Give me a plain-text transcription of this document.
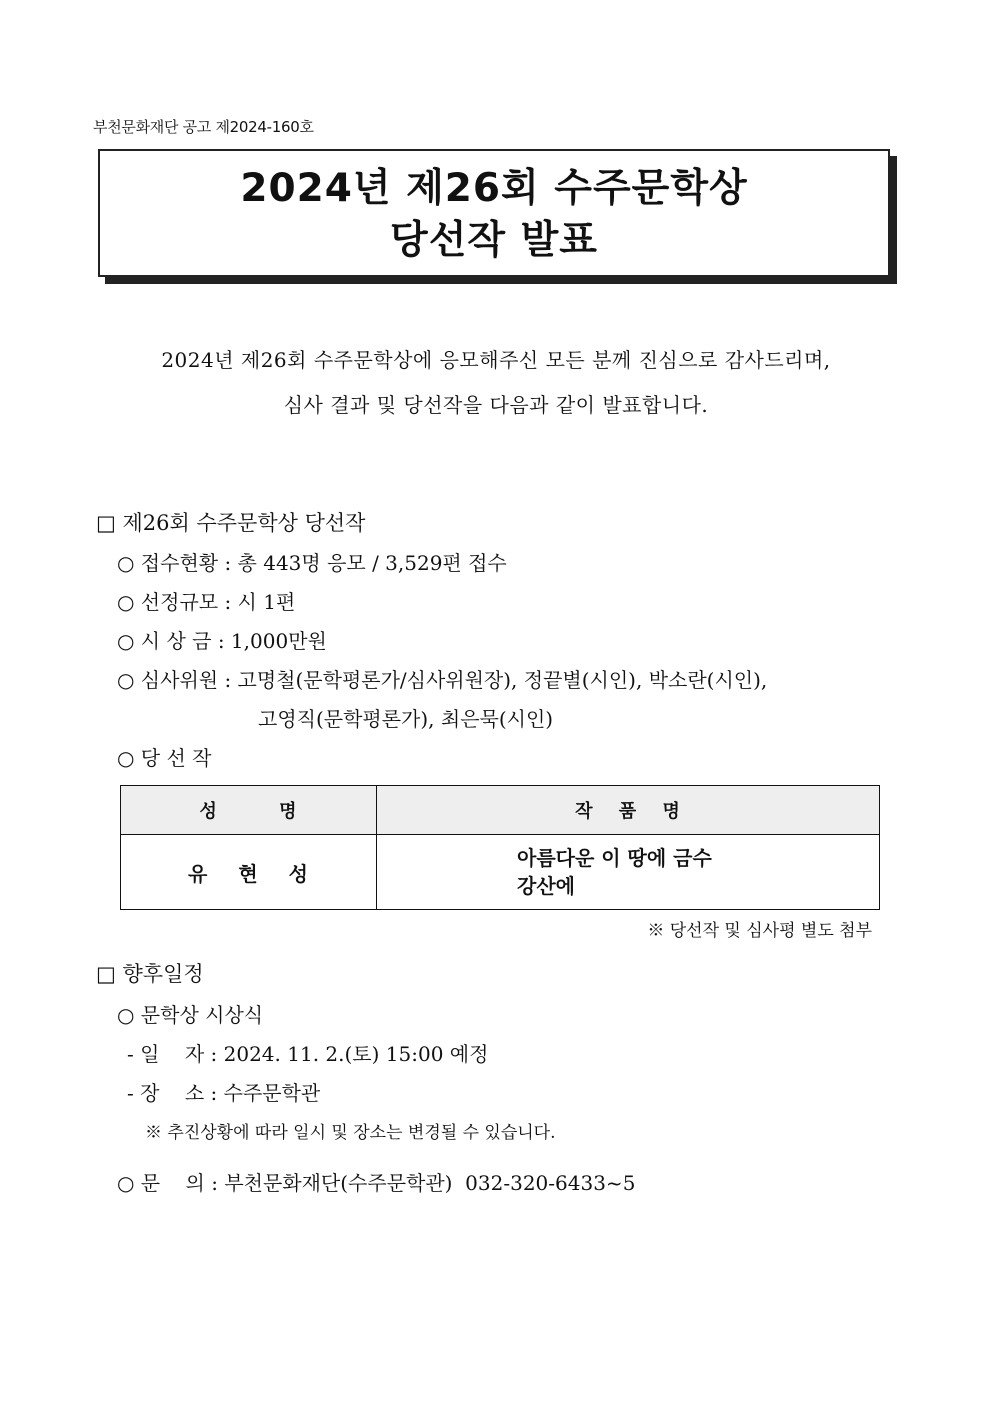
부천문화재단 공고 제2024-160호
2024년 제26회 수주문학상
당선작 발표
2024년 제26회 수주문학상에 응모해주신 모든 분께 진심으로 감사드리며,
심사 결과 및 당선작을 다음과 같이 발표합니다.
□ 제26회 수주문학상 당선작
○ 접수현황 : 총 443명 응모 / 3,529편 접수
○ 선정규모 : 시 1편
○ 시 상 금 : 1,000만원
○ 심사위원 : 고명철(문학평론가/심사위원장), 정끝별(시인), 박소란(시인),
고영직(문학평론가), 최은묵(시인)
○ 당 선 작
성 명	작 품 명
유 현 성	아름다운 이 땅에 금수
강산에
※ 당선작 및 심사평 별도 첨부
□ 향후일정
○ 문학상 시상식
- 일    자 : 2024. 11. 2.(토) 15:00 예정
- 장    소 : 수주문학관
※ 추진상황에 따라 일시 및 장소는 변경될 수 있습니다.
○ 문    의 : 부천문화재단(수주문학관)  032-320-6433~5
